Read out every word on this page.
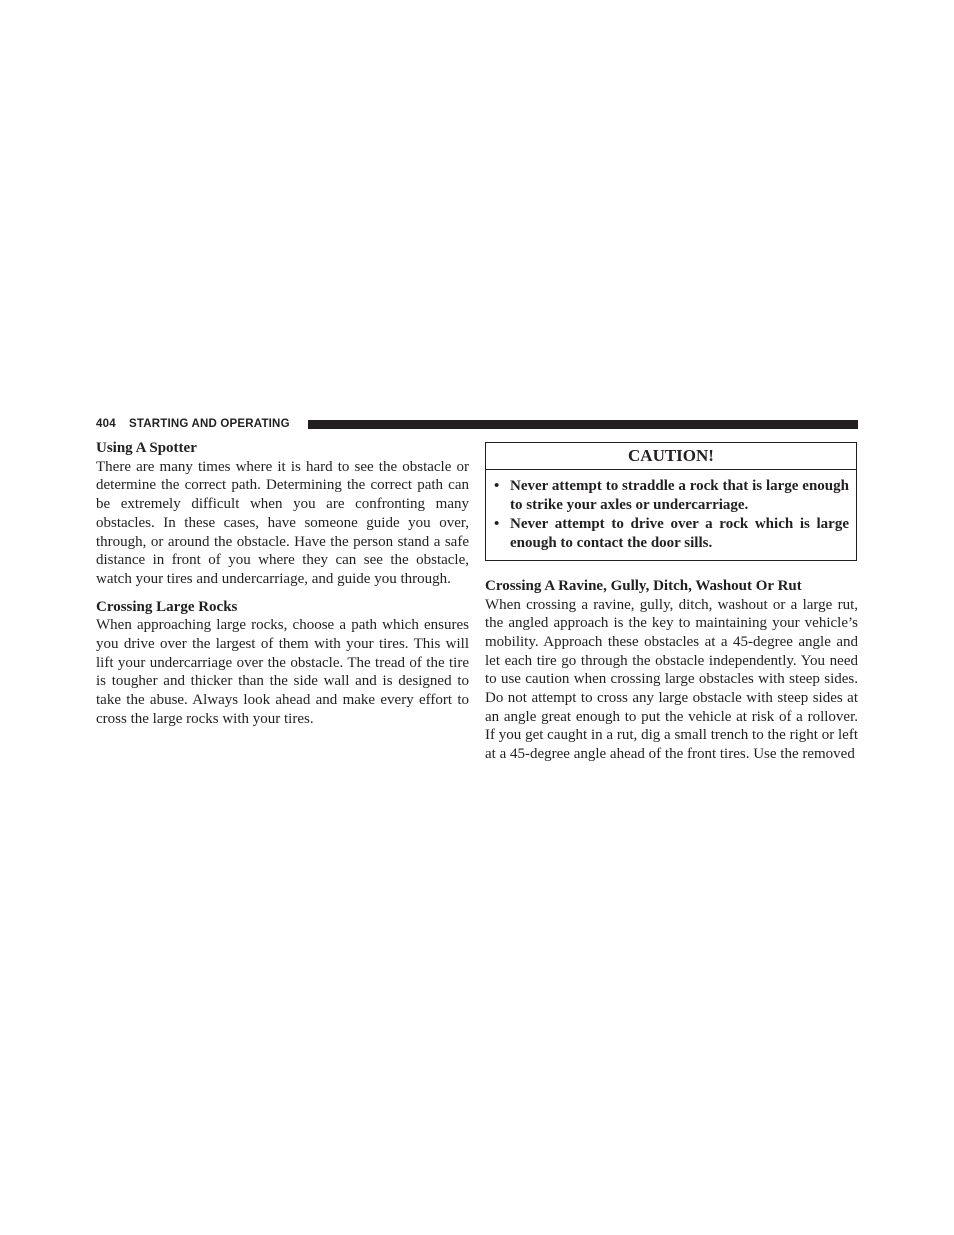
404 STARTING AND OPERATING
Using A Spotter

There are many times where it is hard to see the obstacle or determine the correct path. Determining the correct path can be extremely difficult when you are confronting many obstacles. In these cases, have someone guide you over, through, or around the obstacle. Have the person stand a safe distance in front of you where they can see the obstacle, watch your tires and undercarriage, and guide you through.

Crossing Large Rocks

When approaching large rocks, choose a path which ensures you drive over the largest of them with your tires. This will lift your undercarriage over the obstacle. The tread of the tire is tougher and thicker than the side wall and is designed to take the abuse. Always look ahead and make every effort to cross the large rocks with your tires.

CAUTION!
• Never attempt to straddle a rock that is large enough to strike your axles or undercarriage.
• Never attempt to drive over a rock which is large enough to contact the door sills.
Crossing A Ravine, Gully, Ditch, Washout Or Rut

When crossing a ravine, gully, ditch, washout or a large rut, the angled approach is the key to maintaining your vehicle’s mobility. Approach these obstacles at a 45-degree angle and let each tire go through the obstacle independently. You need to use caution when crossing large obstacles with steep sides. Do not attempt to cross any large obstacle with steep sides at an angle great enough to put the vehicle at risk of a rollover. If you get caught in a rut, dig a small trench to the right or left at a 45-degree angle ahead of the front tires. Use the removed
